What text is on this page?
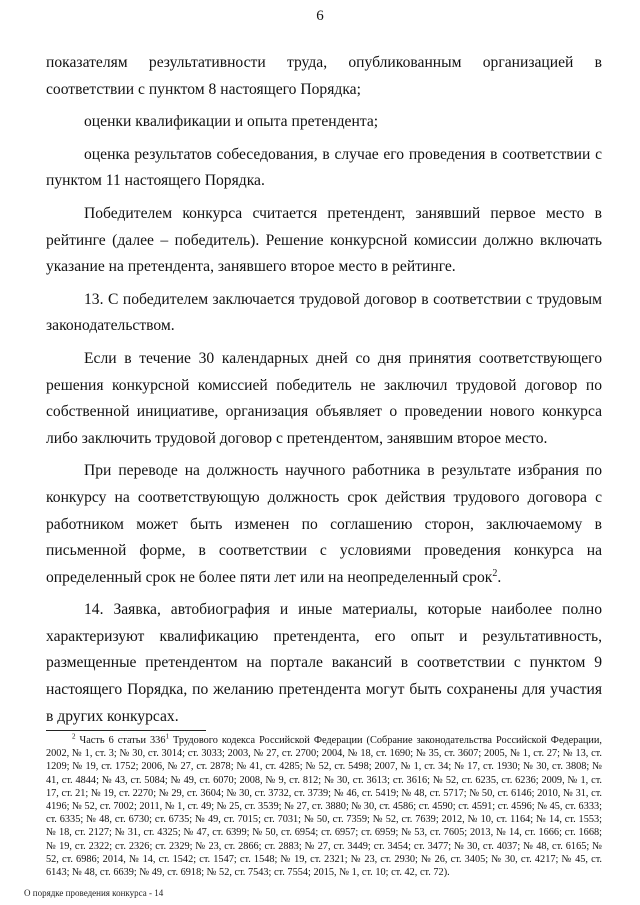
6

показателям результативности труда, опубликованным организацией в соответствии с пунктом 8 настоящего Порядка;

оценки квалификации и опыта претендента;

оценка результатов собеседования, в случае его проведения в соответствии с пунктом 11 настоящего Порядка.

Победителем конкурса считается претендент, занявший первое место в рейтинге (далее – победитель). Решение конкурсной комиссии должно включать указание на претендента, занявшего второе место в рейтинге.

13. С победителем заключается трудовой договор в соответствии с трудовым законодательством.

Если в течение 30 календарных дней со дня принятия соответствующего решения конкурсной комиссией победитель не заключил трудовой договор по собственной инициативе, организация объявляет о проведении нового конкурса либо заключить трудовой договор с претендентом, занявшим второе место.

При переводе на должность научного работника в результате избрания по конкурсу на соответствующую должность срок действия трудового договора с работником может быть изменен по соглашению сторон, заключаемому в письменной форме, в соответствии с условиями проведения конкурса на определенный срок не более пяти лет или на неопределенный срок$^2$.

14. Заявка, автобиография и иные материалы, которые наиболее полно характеризуют квалификацию претендента, его опыт и результативность, размещенные претендентом на портале вакансий в соответствии с пунктом 9 настоящего Порядка, по желанию претендента могут быть сохранены для участия в других конкурсах.

$^2$ Часть 6 статьи $336^1$ Трудового кодекса Российской Федерации (Собрание законодательства Российской Федерации, 2002, № 1, ст. 3; № 30, ст. 3014; ст. 3033; 2003, № 27, ст. 2700; 2004, № 18, ст. 1690; № 35, ст. 3607; 2005, № 1, ст. 27; № 13, ст. 1209; № 19, ст. 1752; 2006, № 27, ст. 2878; № 41, ст. 4285; № 52, ст. 5498; 2007, № 1, ст. 34; № 17, ст. 1930; № 30, ст. 3808; № 41, ст. 4844; № 43, ст. 5084; № 49, ст. 6070; 2008, № 9, ст. 812; № 30, ст. 3613; ст. 3616; № 52, ст. 6235, ст. 6236; 2009, № 1, ст. 17, ст. 21; № 19, ст. 2270; № 29, ст. 3604; № 30, ст. 3732, ст. 3739; № 46, ст. 5419; № 48, ст. 5717; № 50, ст. 6146; 2010, № 31, ст. 4196; № 52, ст. 7002; 2011, № 1, ст. 49; № 25, ст. 3539; № 27, ст. 3880; № 30, ст. 4586; ст. 4590; ст. 4591; ст. 4596; № 45, ст. 6333; ст. 6335; № 48, ст. 6730; ст. 6735; № 49, ст. 7015; ст. 7031; № 50, ст. 7359; № 52, ст. 7639; 2012, № 10, ст. 1164; № 14, ст. 1553; № 18, ст. 2127; № 31, ст. 4325; № 47, ст. 6399; № 50, ст. 6954; ст. 6957; ст. 6959; № 53, ст. 7605; 2013, № 14, ст. 1666; ст. 1668; № 19, ст. 2322; ст. 2326; ст. 2329; № 23, ст. 2866; ст. 2883; № 27, ст. 3449; ст. 3454; ст. 3477; № 30, ст. 4037; № 48, ст. 6165; № 52, ст. 6986; 2014, № 14, ст. 1542; ст. 1547; ст. 1548; № 19, ст. 2321; № 23, ст. 2930; № 26, ст. 3405; № 30, ст. 4217; № 45, ст. 6143; № 48, ст. 6639; № 49, ст. 6918; № 52, ст. 7543; ст. 7554; 2015, № 1, ст. 10; ст. 42, ст. 72).

О порядке проведения конкурса - 14
